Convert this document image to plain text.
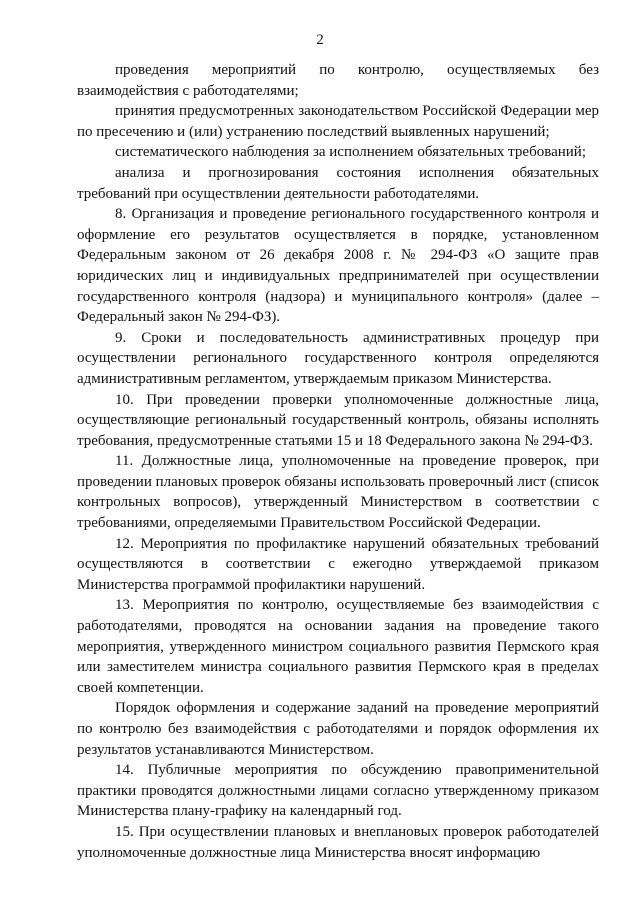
2

проведения мероприятий по контролю, осуществляемых без взаимодействия с работодателями;

принятия предусмотренных законодательством Российской Федерации мер по пресечению и (или) устранению последствий выявленных нарушений;

систематического наблюдения за исполнением обязательных требований;

анализа и прогнозирования состояния исполнения обязательных требований при осуществлении деятельности работодателями.

8. Организация и проведение регионального государственного контроля и оформление его результатов осуществляется в порядке, установленном Федеральным законом от 26 декабря 2008 г. № 294-ФЗ «О защите прав юридических лиц и индивидуальных предпринимателей при осуществлении государственного контроля (надзора) и муниципального контроля» (далее – Федеральный закон № 294-ФЗ).

9. Сроки и последовательность административных процедур при осуществлении регионального государственного контроля определяются административным регламентом, утверждаемым приказом Министерства.

10. При проведении проверки уполномоченные должностные лица, осуществляющие региональный государственный контроль, обязаны исполнять требования, предусмотренные статьями 15 и 18 Федерального закона № 294-ФЗ.

11. Должностные лица, уполномоченные на проведение проверок, при проведении плановых проверок обязаны использовать проверочный лист (список контрольных вопросов), утвержденный Министерством в соответствии с требованиями, определяемыми Правительством Российской Федерации.

12. Мероприятия по профилактике нарушений обязательных требований осуществляются в соответствии с ежегодно утверждаемой приказом Министерства программой профилактики нарушений.

13. Мероприятия по контролю, осуществляемые без взаимодействия с работодателями, проводятся на основании задания на проведение такого мероприятия, утвержденного министром социального развития Пермского края или заместителем министра социального развития Пермского края в пределах своей компетенции.

Порядок оформления и содержание заданий на проведение мероприятий по контролю без взаимодействия с работодателями и порядок оформления их результатов устанавливаются Министерством.

14. Публичные мероприятия по обсуждению правоприменительной практики проводятся должностными лицами согласно утвержденному приказом Министерства плану-графику на календарный год.

15. При осуществлении плановых и внеплановых проверок работодателей уполномоченные должностные лица Министерства вносят информацию
